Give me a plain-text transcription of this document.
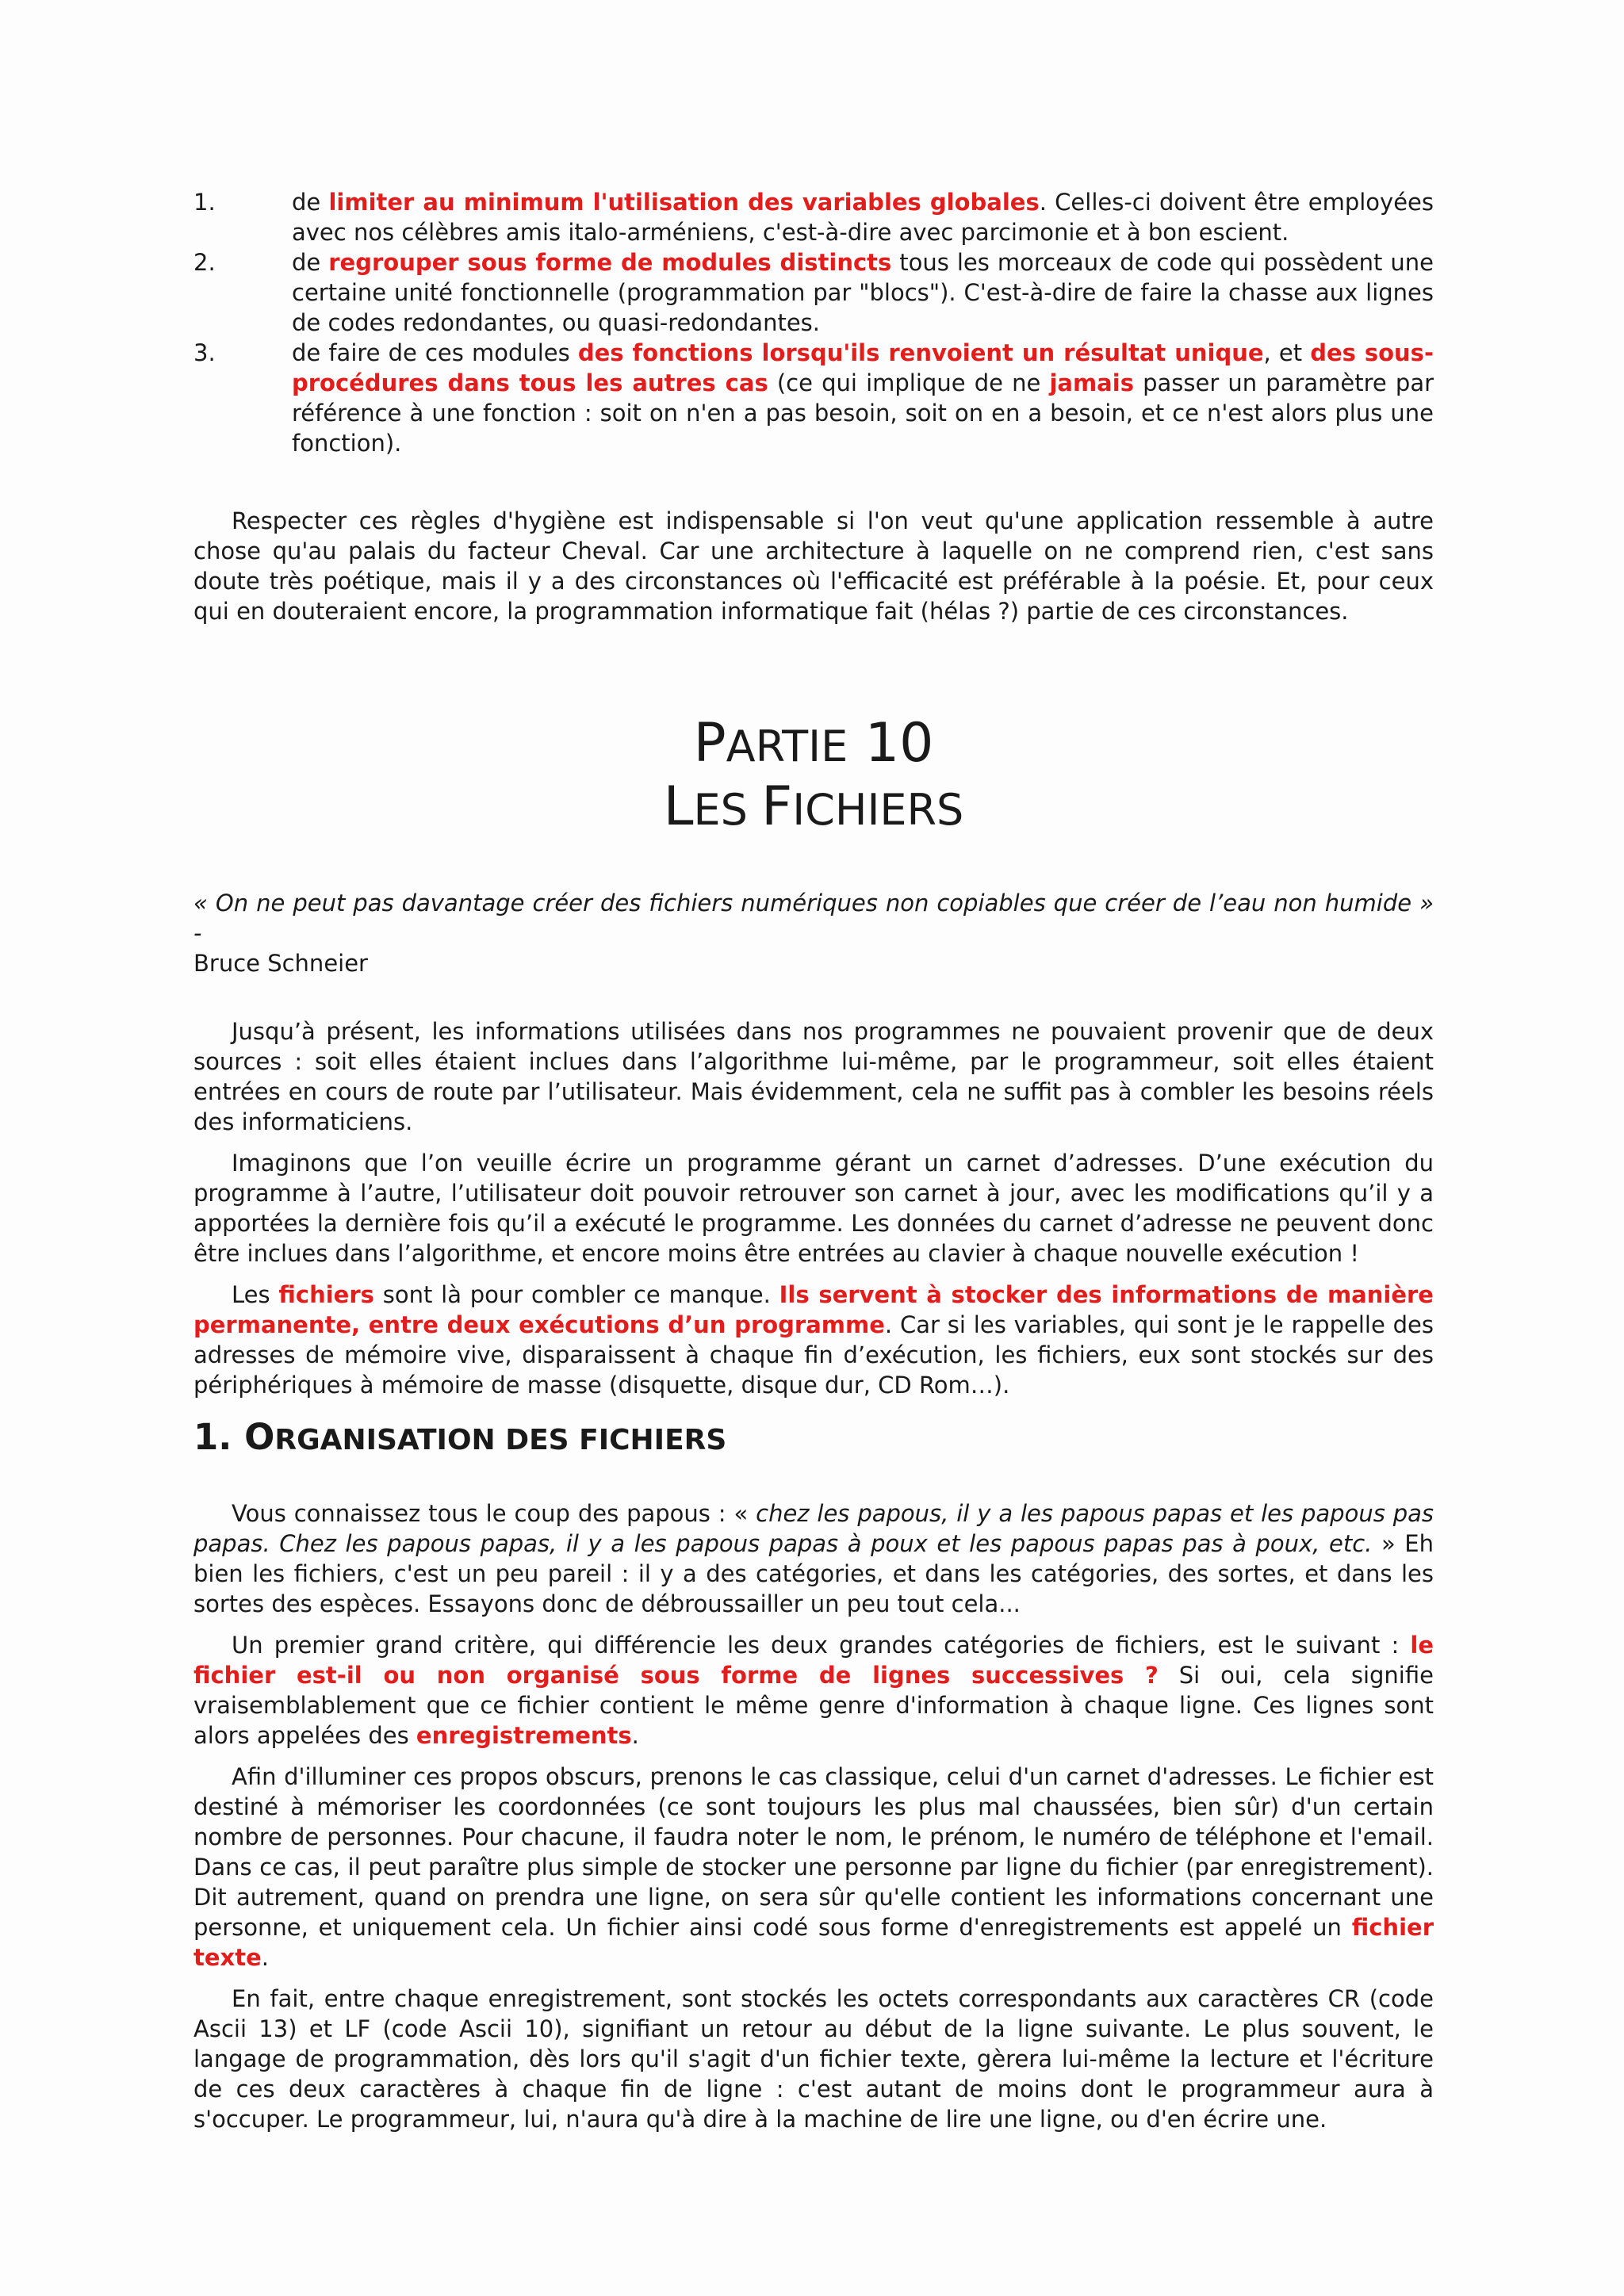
1.	de limiter au minimum l'utilisation des variables globales. Celles-ci doivent être employées avec nos célèbres amis italo-arméniens, c'est-à-dire avec parcimonie et à bon escient.

2.	de regrouper sous forme de modules distincts tous les morceaux de code qui possèdent une certaine unité fonctionnelle (programmation par "blocs"). C'est-à-dire de faire la chasse aux lignes de codes redondantes, ou quasi-redondantes.

3.	de faire de ces modules des fonctions lorsqu'ils renvoient un résultat unique, et des sous-procédures dans tous les autres cas (ce qui implique de ne jamais passer un paramètre par référence à une fonction : soit on n'en a pas besoin, soit on en a besoin, et ce n'est alors plus une fonction).

Respecter ces règles d'hygiène est indispensable si l'on veut qu'une application ressemble à autre chose qu'au palais du facteur Cheval. Car une architecture à laquelle on ne comprend rien, c'est sans doute très poétique, mais il y a des circonstances où l'efficacité est préférable à la poésie. Et, pour ceux qui en douteraient encore, la programmation informatique fait (hélas ?) partie de ces circonstances.

PARTIE 10
LES FICHIERS

« On ne peut pas davantage créer des fichiers numériques non copiables que créer de l’eau non humide » -
Bruce Schneier

Jusqu’à présent, les informations utilisées dans nos programmes ne pouvaient provenir que de deux sources : soit elles étaient inclues dans l’algorithme lui-même, par le programmeur, soit elles étaient entrées en cours de route par l’utilisateur. Mais évidemment, cela ne suffit pas à combler les besoins réels des informaticiens.

Imaginons que l’on veuille écrire un programme gérant un carnet d’adresses. D’une exécution du programme à l’autre, l’utilisateur doit pouvoir retrouver son carnet à jour, avec les modifications qu’il y a apportées la dernière fois qu’il a exécuté le programme. Les données du carnet d’adresse ne peuvent donc être inclues dans l’algorithme, et encore moins être entrées au clavier à chaque nouvelle exécution !

Les fichiers sont là pour combler ce manque. Ils servent à stocker des informations de manière permanente, entre deux exécutions d’un programme. Car si les variables, qui sont je le rappelle des adresses de mémoire vive, disparaissent à chaque fin d’exécution, les fichiers, eux sont stockés sur des périphériques à mémoire de masse (disquette, disque dur, CD Rom…).

1. ORGANISATION DES FICHIERS

Vous connaissez tous le coup des papous : « chez les papous, il y a les papous papas et les papous pas papas. Chez les papous papas, il y a les papous papas à poux et les papous papas pas à poux, etc. » Eh bien les fichiers, c'est un peu pareil : il y a des catégories, et dans les catégories, des sortes, et dans les sortes des espèces. Essayons donc de débroussailler un peu tout cela...

Un premier grand critère, qui différencie les deux grandes catégories de fichiers, est le suivant : le fichier est-il ou non organisé sous forme de lignes successives ? Si oui, cela signifie vraisemblablement que ce fichier contient le même genre d'information à chaque ligne. Ces lignes sont alors appelées des enregistrements.

Afin d'illuminer ces propos obscurs, prenons le cas classique, celui d'un carnet d'adresses. Le fichier est destiné à mémoriser les coordonnées (ce sont toujours les plus mal chaussées, bien sûr) d'un certain nombre de personnes. Pour chacune, il faudra noter le nom, le prénom, le numéro de téléphone et l'email. Dans ce cas, il peut paraître plus simple de stocker une personne par ligne du fichier (par enregistrement). Dit autrement, quand on prendra une ligne, on sera sûr qu'elle contient les informations concernant une personne, et uniquement cela. Un fichier ainsi codé sous forme d'enregistrements est appelé un fichier texte.

En fait, entre chaque enregistrement, sont stockés les octets correspondants aux caractères CR (code Ascii 13) et LF (code Ascii 10), signifiant un retour au début de la ligne suivante. Le plus souvent, le langage de programmation, dès lors qu'il s'agit d'un fichier texte, gèrera lui-même la lecture et l'écriture de ces deux caractères à chaque fin de ligne : c'est autant de moins dont le programmeur aura à s'occuper. Le programmeur, lui, n'aura qu'à dire à la machine de lire une ligne, ou d'en écrire une.
